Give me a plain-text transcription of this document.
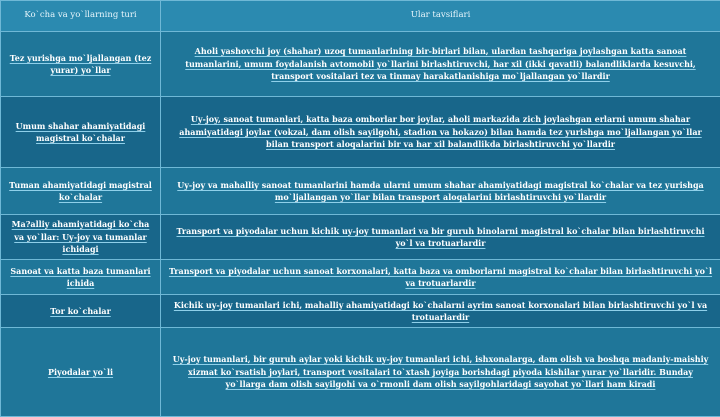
Ko`cha va yo`llarning turi	Ular tavsiflari
Tez yurishga mo`ljallangan (tez yurar) yo`llar	Aholi yashovchi joy (shahar) uzoq tumanlarining bir-birlari bilan, ulardan tashqariga joylashgan katta sanoat tumanlarini, umum foydalanish avtomobil yo`llarini birlashtiruvchi, har xil (ikki qavatli) balandliklarda kesuvchi, transport vositalari tez va tinmay harakatlanishiga mo`ljallangan yo`llardir
Umum shahar ahamiyatidagi magistral ko`chalar	Uy-joy, sanoat tumanlari, katta baza omborlar bor joylar, aholi markazida zich joylashgan erlarni umum shahar ahamiyatidagi joylar (vokzal, dam olish sayilgohi, stadion va hokazo) bilan hamda tez yurishga mo`ljallangan yo`llar bilan transport aloqalarini bir va har xil balandlikda birlashtiruvchi yo`llardir
Tuman ahamiyatidagi magistral ko`chalar	Uy-joy va mahalliy sanoat tumanlarini hamda ularni umum shahar ahamiyatidagi magistral ko`chalar va tez yurishga mo`ljallangan yo`llar bilan transport aloqalarini birlashtiruvchi yo`llardir
Ma?alliy ahamiyatidagi ko`cha va yo`llar: Uy-joy va tumanlar ichidagi	Transport va piyodalar uchun kichik uy-joy tumanlari va bir guruh binolarni magistral ko`chalar bilan birlashtiruvchi yo`l va trotuarlardir
Sanoat va katta baza tumanlari ichida	Transport va piyodalar uchun sanoat korxonalari, katta baza va omborlarni magistral ko`chalar bilan birlashtiruvchi yo`l va trotuarlardir
Tor ko`chalar	Kichik uy-joy tumanlari ichi, mahalliy ahamiyatidagi ko`chalarni ayrim sanoat korxonalari bilan birlashtiruvchi yo`l va trotuarlardir
Piyodalar yo`li	Uy-joy tumanlari, bir guruh aylar yoki kichik uy-joy tumanlari ichi, ishxonalarga, dam olish va boshqa madaniy-maishiy xizmat ko`rsatish joylari, transport vositalari to`xtash joyiga borishdagi piyoda kishilar yurar yo`llaridir. Bunday yo`llarga dam olish sayilgohi va o`rmonli dam olish sayilgohlaridagi sayohat yo`llari ham kiradi
